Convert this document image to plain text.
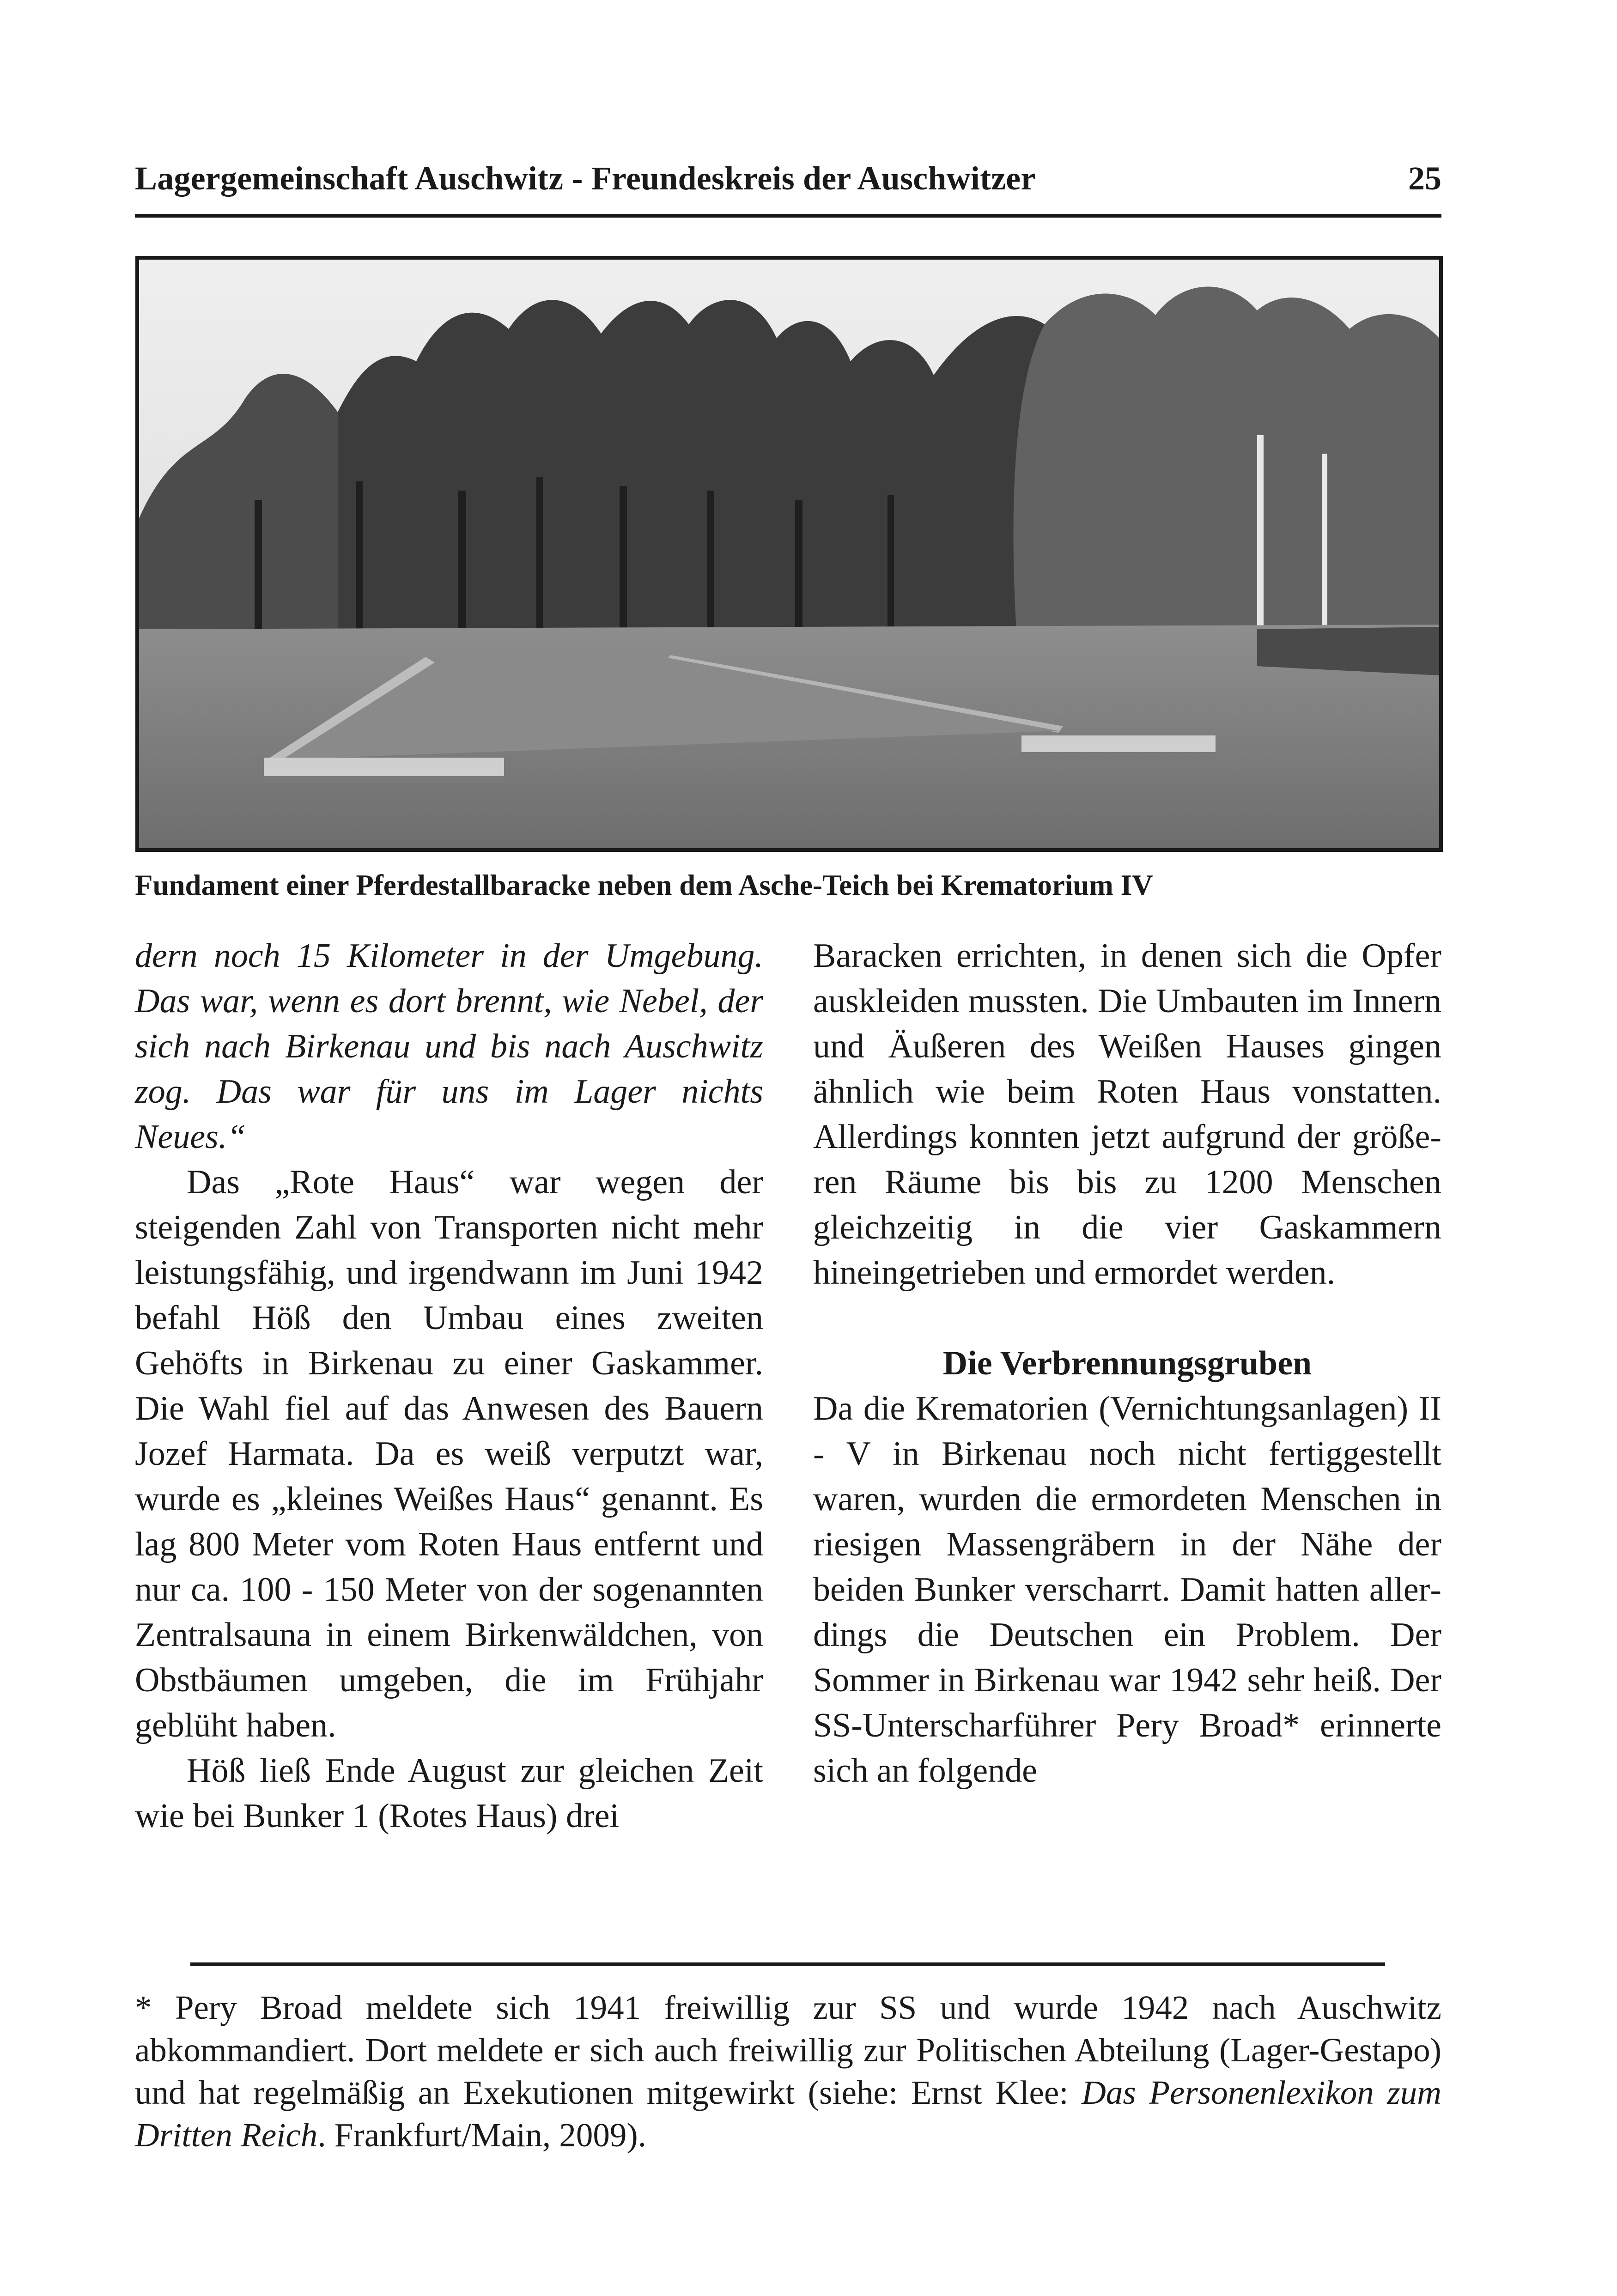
Lagergemeinschaft Auschwitz - Freundeskreis der Auschwitzer	25
Fundament einer Pferdestallbaracke neben dem Asche-Teich bei Krematorium IV

dern noch 15 Kilometer in der Umgebung. Das war, wenn es dort brennt, wie Nebel, der sich nach Birkenau und bis nach Auschwitz zog. Das war für uns im Lager nichts Neues.“

Das „Rote Haus“ war wegen der steigenden Zahl von Transporten nicht mehr leistungsfähig, und irgendwann im Juni 1942 befahl Höß den Umbau eines zweiten Gehöfts in Birkenau zu einer Gaskammer. Die Wahl fiel auf das Anwesen des Bauern Jozef Harmata. Da es weiß verputzt war, wurde es „kleines Weißes Haus“ genannt. Es lag 800 Meter vom Roten Haus entfernt und nur ca. 100 - 150 Meter von der sogenannten Zentralsauna in einem Birkenwäldchen, von Obstbäumen umgeben, die im Frühjahr geblüht haben.

Höß ließ Ende August zur gleichen Zeit wie bei Bunker 1 (Rotes Haus) drei

Baracken errichten, in denen sich die Opfer auskleiden mussten. Die Umbauten im Innern und Äußeren des Weißen Hauses gingen ähnlich wie beim Roten Haus vonstatten. Allerdings konnten jetzt aufgrund der größeren Räume bis bis zu 1200 Menschen gleichzeitig in die vier Gaskammern hineingetrieben und ermordet werden.

Die Verbrennungsgruben

Da die Krematorien (Vernichtungsanlagen) II - V in Birkenau noch nicht fertiggestellt waren, wurden die ermordeten Menschen in riesigen Massengräbern in der Nähe der beiden Bunker verscharrt. Damit hatten allerdings die Deutschen ein Problem. Der Sommer in Birkenau war 1942 sehr heiß. Der SS-Unterscharführer Pery Broad* erinnerte sich an folgende

* Pery Broad meldete sich 1941 freiwillig zur SS und wurde 1942 nach Auschwitz abkommandiert. Dort meldete er sich auch freiwillig zur Politischen Abteilung (Lager-Gestapo) und hat regelmäßig an Exekutionen mitgewirkt (siehe: Ernst Klee: Das Personenlexikon zum Dritten Reich. Frankfurt/Main, 2009).
